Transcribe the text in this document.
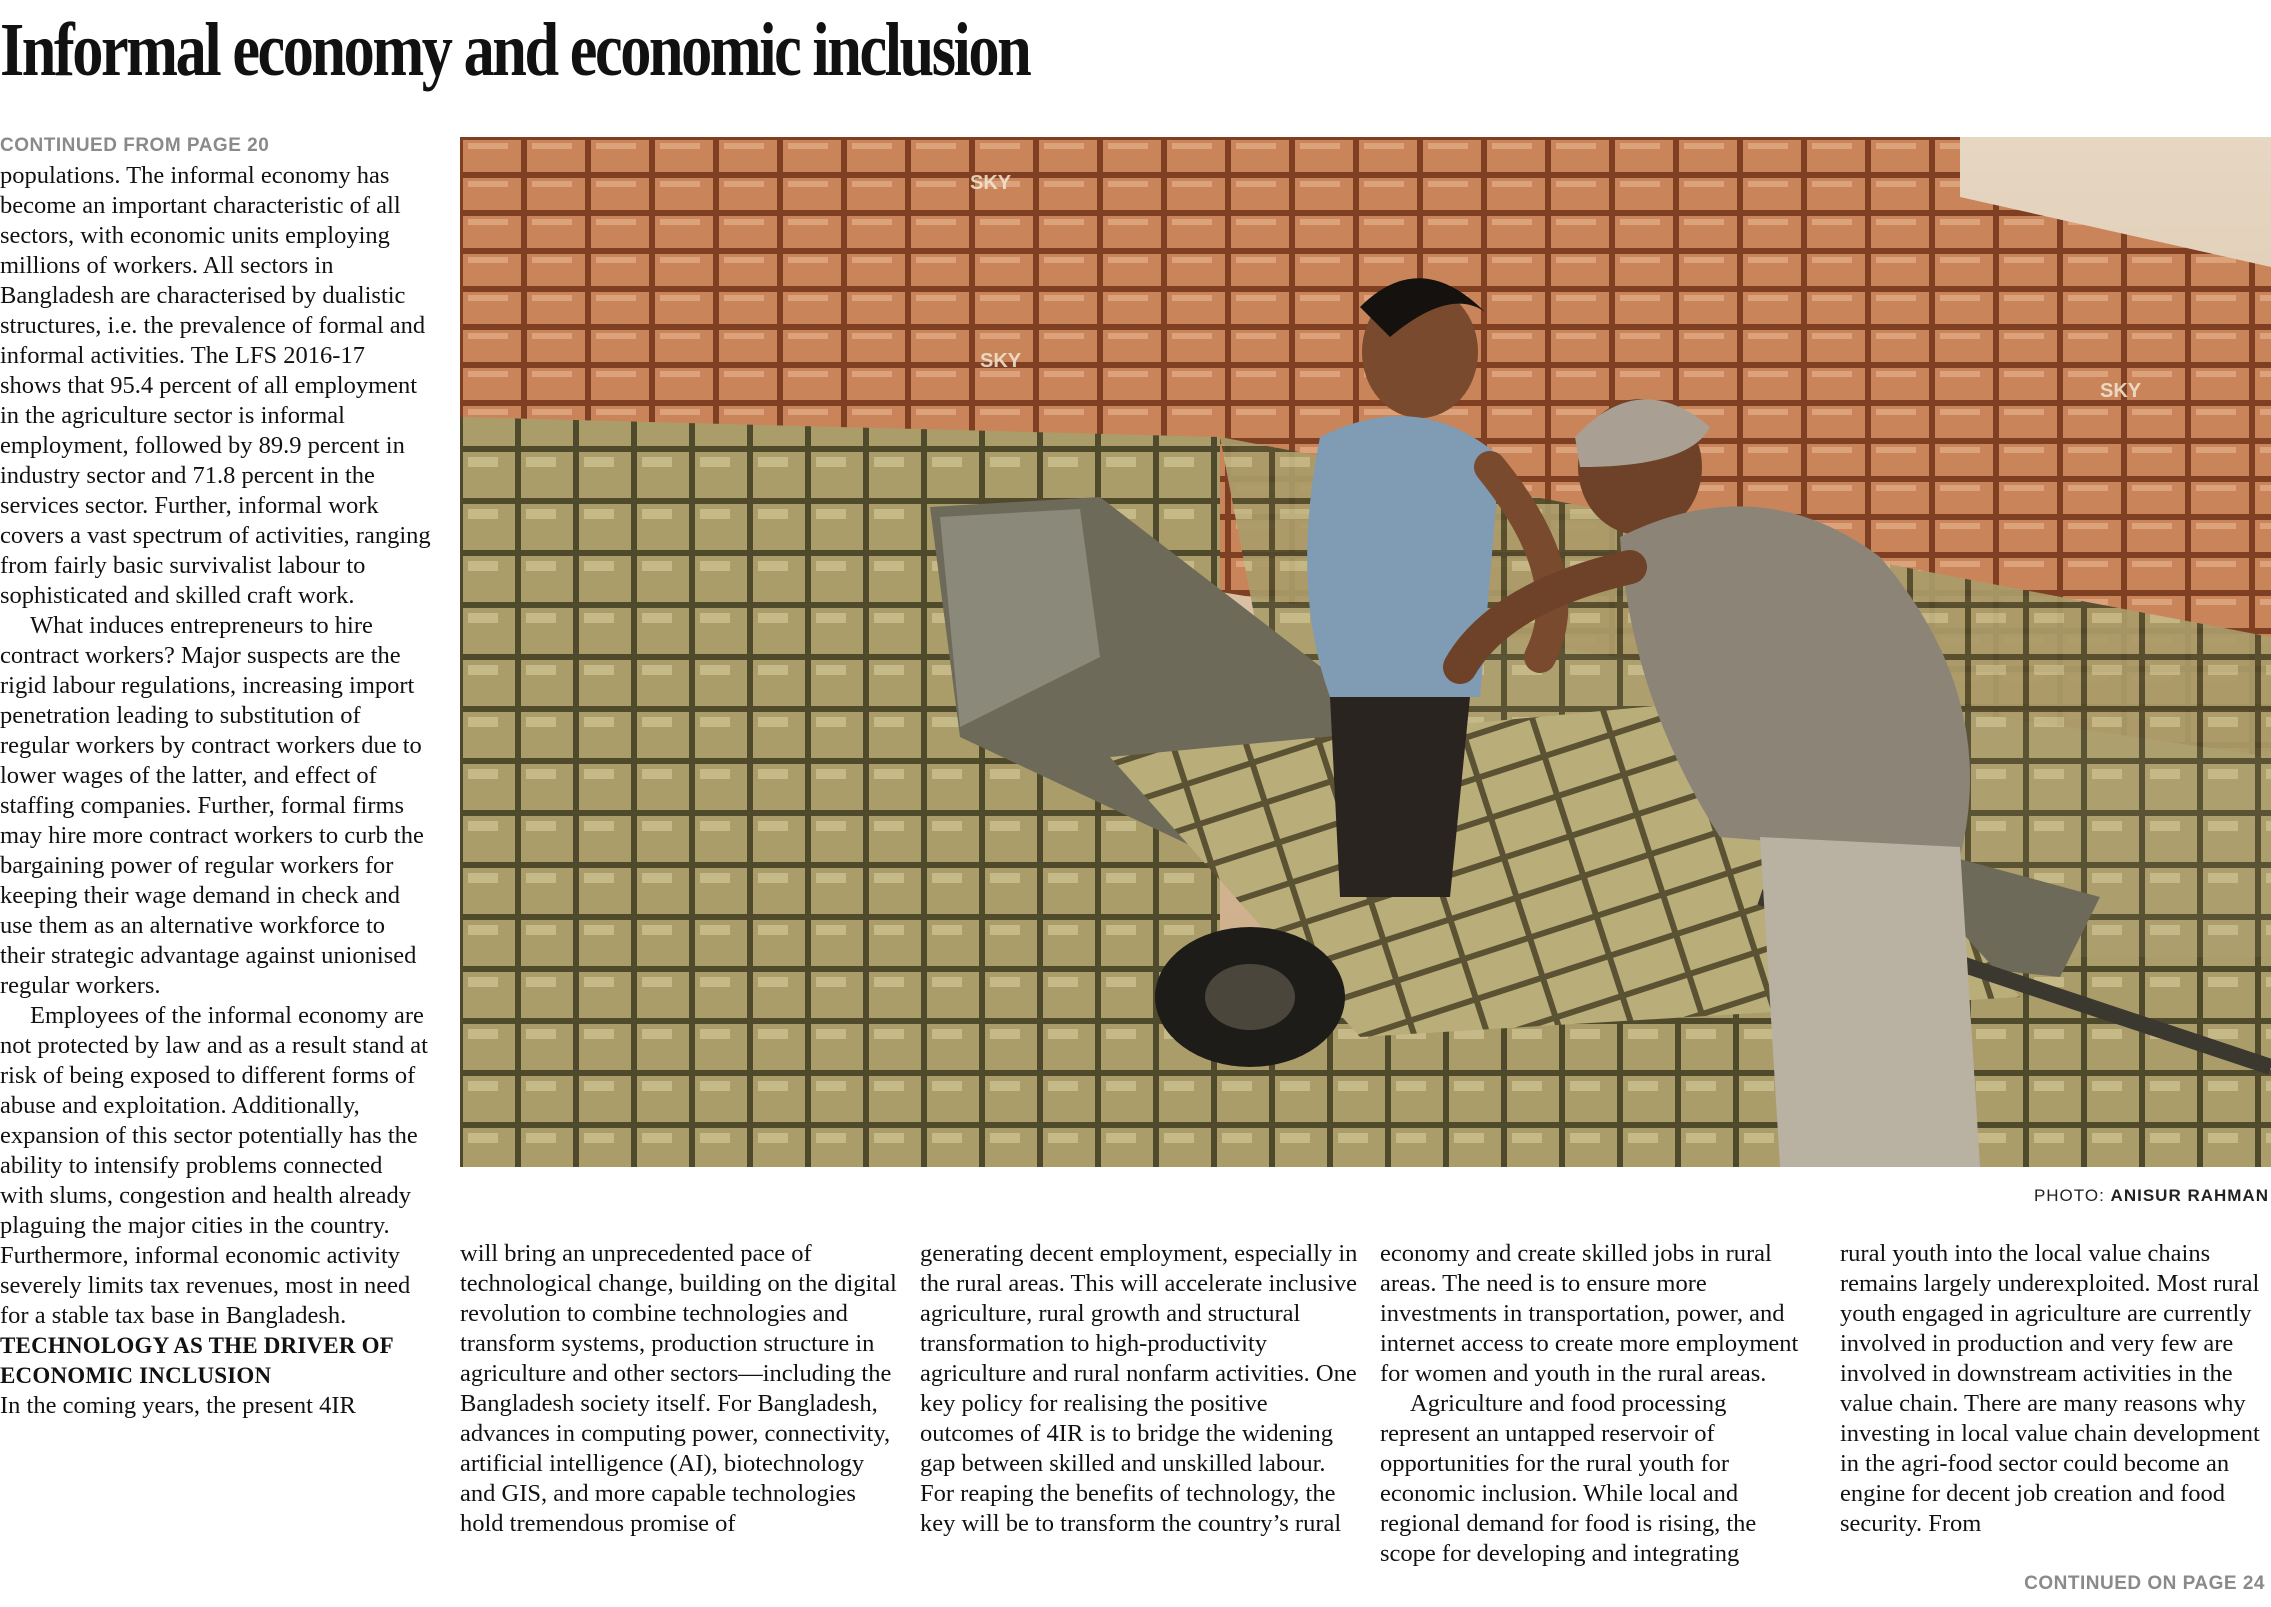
Informal economy and economic inclusion
CONTINUED FROM PAGE 20

populations. The informal economy has become an important characteristic of all sectors, with economic units employing millions of workers. All sectors in Bangladesh are characterised by dualistic structures, i.e. the prevalence of formal and informal activities. The LFS 2016-17 shows that 95.4 percent of all employment in the agriculture sector is informal employment, followed by 89.9 percent in industry sector and 71.8 percent in the services sector. Further, informal work covers a vast spectrum of activities, ranging from fairly basic survivalist labour to sophisticated and skilled craft work.

What induces entrepreneurs to hire contract workers? Major suspects are the rigid labour regulations, increasing import penetration leading to substitution of regular workers by contract workers due to lower wages of the latter, and effect of staffing companies. Further, formal firms may hire more contract workers to curb the bargaining power of regular workers for keeping their wage demand in check and use them as an alternative workforce to their strategic advantage against unionised regular workers.

Employees of the informal economy are not protected by law and as a result stand at risk of being exposed to different forms of abuse and exploitation. Additionally, expansion of this sector potentially has the ability to intensify problems connected with slums, congestion and health already plaguing the major cities in the country. Furthermore, informal economic activity severely limits tax revenues, most in need for a stable tax base in Bangladesh.

TECHNOLOGY AS THE DRIVER OF ECONOMIC INCLUSION

In the coming years, the present 4IR

SKY
SKY
SKY
PHOTO: ANISUR RAHMAN

will bring an unprecedented pace of technological change, building on the digital revolution to combine technologies and transform systems, production structure in agriculture and other sectors—including the Bangladesh society itself. For Bangladesh, advances in computing power, connectivity, artificial intelligence (AI), biotechnology and GIS, and more capable technologies hold tremendous promise of

generating decent employment, especially in the rural areas. This will accelerate inclusive agriculture, rural growth and structural transformation to high-productivity agriculture and rural nonfarm activities. One key policy for realising the positive outcomes of 4IR is to bridge the widening gap between skilled and unskilled labour. For reaping the benefits of technology, the key will be to transform the country’s rural

economy and create skilled jobs in rural areas. The need is to ensure more investments in transportation, power, and internet access to create more employment for women and youth in the rural areas.

Agriculture and food processing represent an untapped reservoir of opportunities for the rural youth for economic inclusion. While local and regional demand for food is rising, the scope for developing and integrating

rural youth into the local value chains remains largely underexploited. Most rural youth engaged in agriculture are currently involved in production and very few are involved in downstream activities in the value chain. There are many reasons why investing in local value chain development in the agri-food sector could become an engine for decent job creation and food security. From

CONTINUED ON PAGE 24
